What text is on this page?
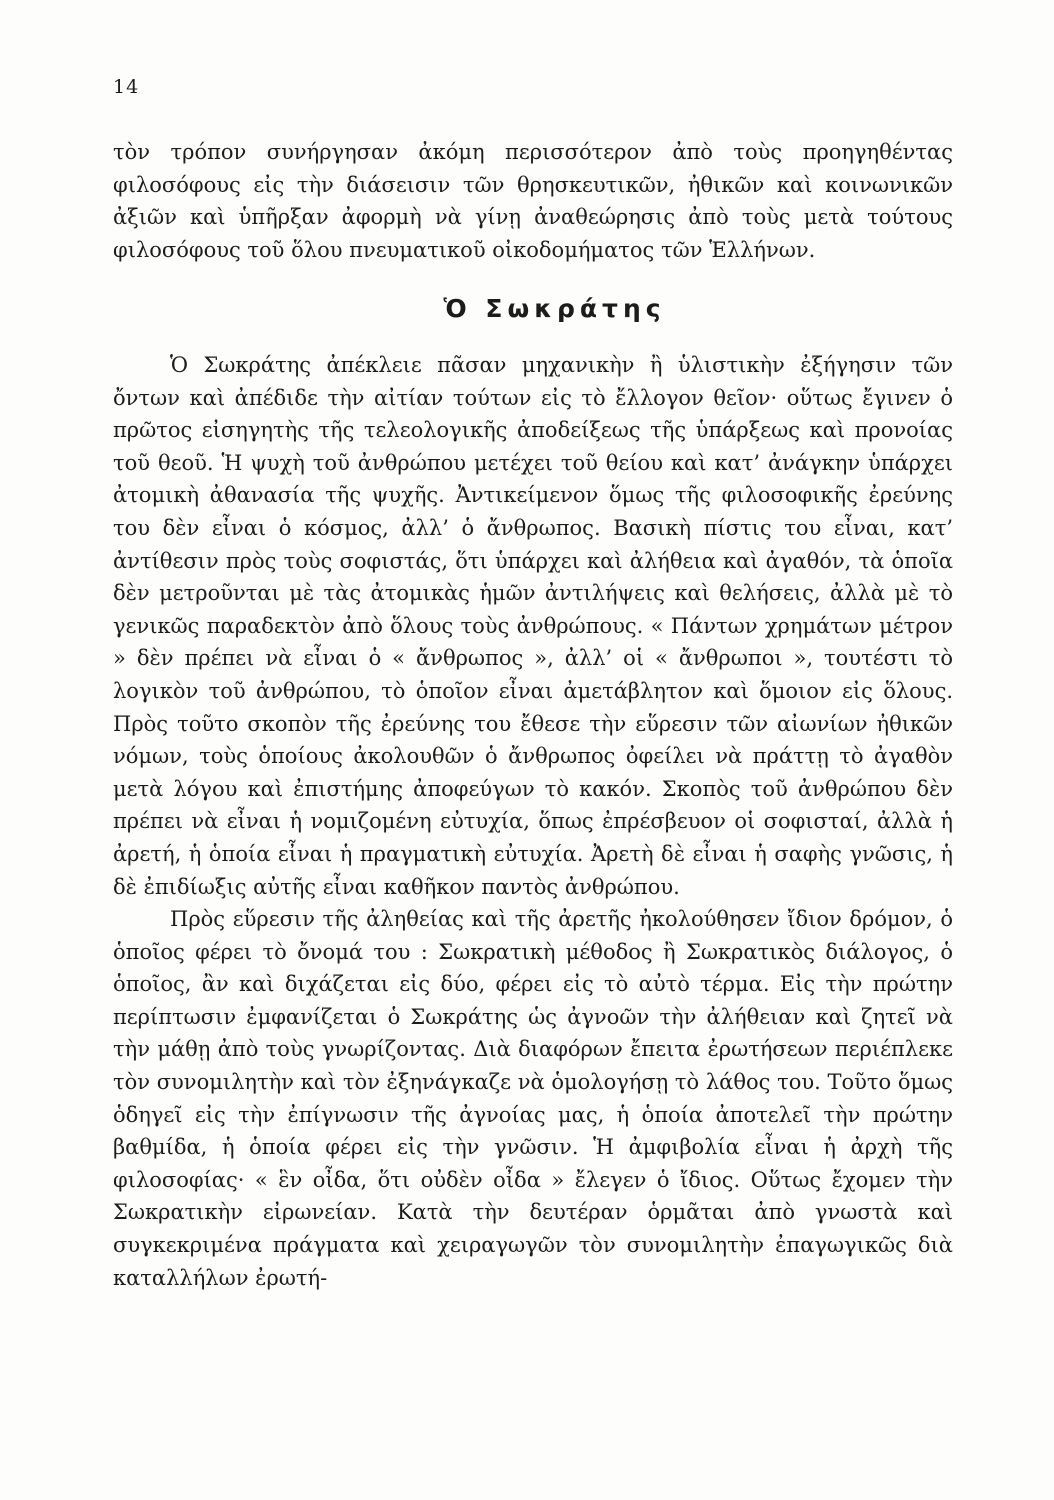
14

τὸν τρόπον συνήργησαν ἀκόμη περισσότερον ἀπὸ τοὺς προηγηθέντας φιλοσόφους εἰς τὴν διάσεισιν τῶν θρησκευτικῶν, ἠθικῶν καὶ κοινωνικῶν ἀξιῶν καὶ ὑπῆρξαν ἀφορμὴ νὰ γίνῃ ἀναθεώρησις ἀπὸ τοὺς μετὰ τούτους φιλοσόφους τοῦ ὅλου πνευματικοῦ οἰκοδομήματος τῶν Ἑλλήνων.

Ὁ Σωκράτης

Ὁ Σωκράτης ἀπέκλειε πᾶσαν μηχανικὴν ἢ ὑλιστικὴν ἐξήγησιν τῶν ὄντων καὶ ἀπέδιδε τὴν αἰτίαν τούτων εἰς τὸ ἔλλογον θεῖον· οὕτως ἔγινεν ὁ πρῶτος εἰσηγητὴς τῆς τελεολογικῆς ἀποδείξεως τῆς ὑπάρξεως καὶ προνοίας τοῦ θεοῦ. Ἡ ψυχὴ τοῦ ἀνθρώπου μετέχει τοῦ θείου καὶ κατ’ ἀνάγκην ὑπάρχει ἀτομικὴ ἀθανασία τῆς ψυχῆς. Ἀντικείμενον ὅμως τῆς φιλοσοφικῆς ἐρεύνης του δὲν εἶναι ὁ κόσμος, ἀλλ’ ὁ ἄνθρωπος. Βασικὴ πίστις του εἶναι, κατ’ ἀντίθεσιν πρὸς τοὺς σοφιστάς, ὅτι ὑπάρχει καὶ ἀλήθεια καὶ ἀγαθόν, τὰ ὁποῖα δὲν μετροῦνται μὲ τὰς ἀτομικὰς ἡμῶν ἀντιλήψεις καὶ θελήσεις, ἀλλὰ μὲ τὸ γενικῶς παραδεκτὸν ἀπὸ ὅλους τοὺς ἀνθρώπους. « Πάντων χρημάτων μέτρον » δὲν πρέπει νὰ εἶναι ὁ « ἄνθρωπος », ἀλλ’ οἱ « ἄνθρωποι », τουτέστι τὸ λογικὸν τοῦ ἀνθρώπου, τὸ ὁποῖον εἶναι ἀμετάβλητον καὶ ὅμοιον εἰς ὅλους. Πρὸς τοῦτο σκοπὸν τῆς ἐρεύνης του ἔθεσε τὴν εὕρεσιν τῶν αἰωνίων ἠθικῶν νόμων, τοὺς ὁποίους ἀκολουθῶν ὁ ἄνθρωπος ὀφείλει νὰ πράττῃ τὸ ἀγαθὸν μετὰ λόγου καὶ ἐπιστήμης ἀποφεύγων τὸ κακόν. Σκοπὸς τοῦ ἀνθρώπου δὲν πρέπει νὰ εἶναι ἡ νομιζομένη εὐτυχία, ὅπως ἐπρέσβευον οἱ σοφισταί, ἀλλὰ ἡ ἀρετή, ἡ ὁποία εἶναι ἡ πραγματικὴ εὐτυχία. Ἀρετὴ δὲ εἶναι ἡ σαφὴς γνῶσις, ἡ δὲ ἐπιδίωξις αὐτῆς εἶναι καθῆκον παντὸς ἀνθρώπου.

Πρὸς εὕρεσιν τῆς ἀληθείας καὶ τῆς ἀρετῆς ἠκολούθησεν ἴδιον δρόμον, ὁ ὁποῖος φέρει τὸ ὄνομά του : Σωκρατικὴ μέθοδος ἢ Σωκρατικὸς διάλογος, ὁ ὁποῖος, ἂν καὶ διχάζεται εἰς δύο, φέρει εἰς τὸ αὐτὸ τέρμα. Εἰς τὴν πρώτην περίπτωσιν ἐμφανίζεται ὁ Σωκράτης ὡς ἀγνοῶν τὴν ἀλήθειαν καὶ ζητεῖ νὰ τὴν μάθῃ ἀπὸ τοὺς γνωρίζοντας. Διὰ διαφόρων ἔπειτα ἐρωτήσεων περιέπλεκε τὸν συνομιλητὴν καὶ τὸν ἐξηνάγκαζε νὰ ὁμολογήσῃ τὸ λάθος του. Τοῦτο ὅμως ὁδηγεῖ εἰς τὴν ἐπίγνωσιν τῆς ἀγνοίας μας, ἡ ὁποία ἀποτελεῖ τὴν πρώτην βαθμίδα, ἡ ὁποία φέρει εἰς τὴν γνῶσιν. Ἡ ἀμφιβολία εἶναι ἡ ἀρχὴ τῆς φιλοσοφίας· « ἓν οἶδα, ὅτι οὐδὲν οἶδα » ἔλεγεν ὁ ἴδιος. Οὕτως ἔχομεν τὴν Σωκρατικὴν εἰρωνείαν. Κατὰ τὴν δευτέραν ὁρμᾶται ἀπὸ γνωστὰ καὶ συγκεκριμένα πράγματα καὶ χειραγωγῶν τὸν συνομιλητὴν ἐπαγωγικῶς διὰ καταλλήλων ἐρωτή-
